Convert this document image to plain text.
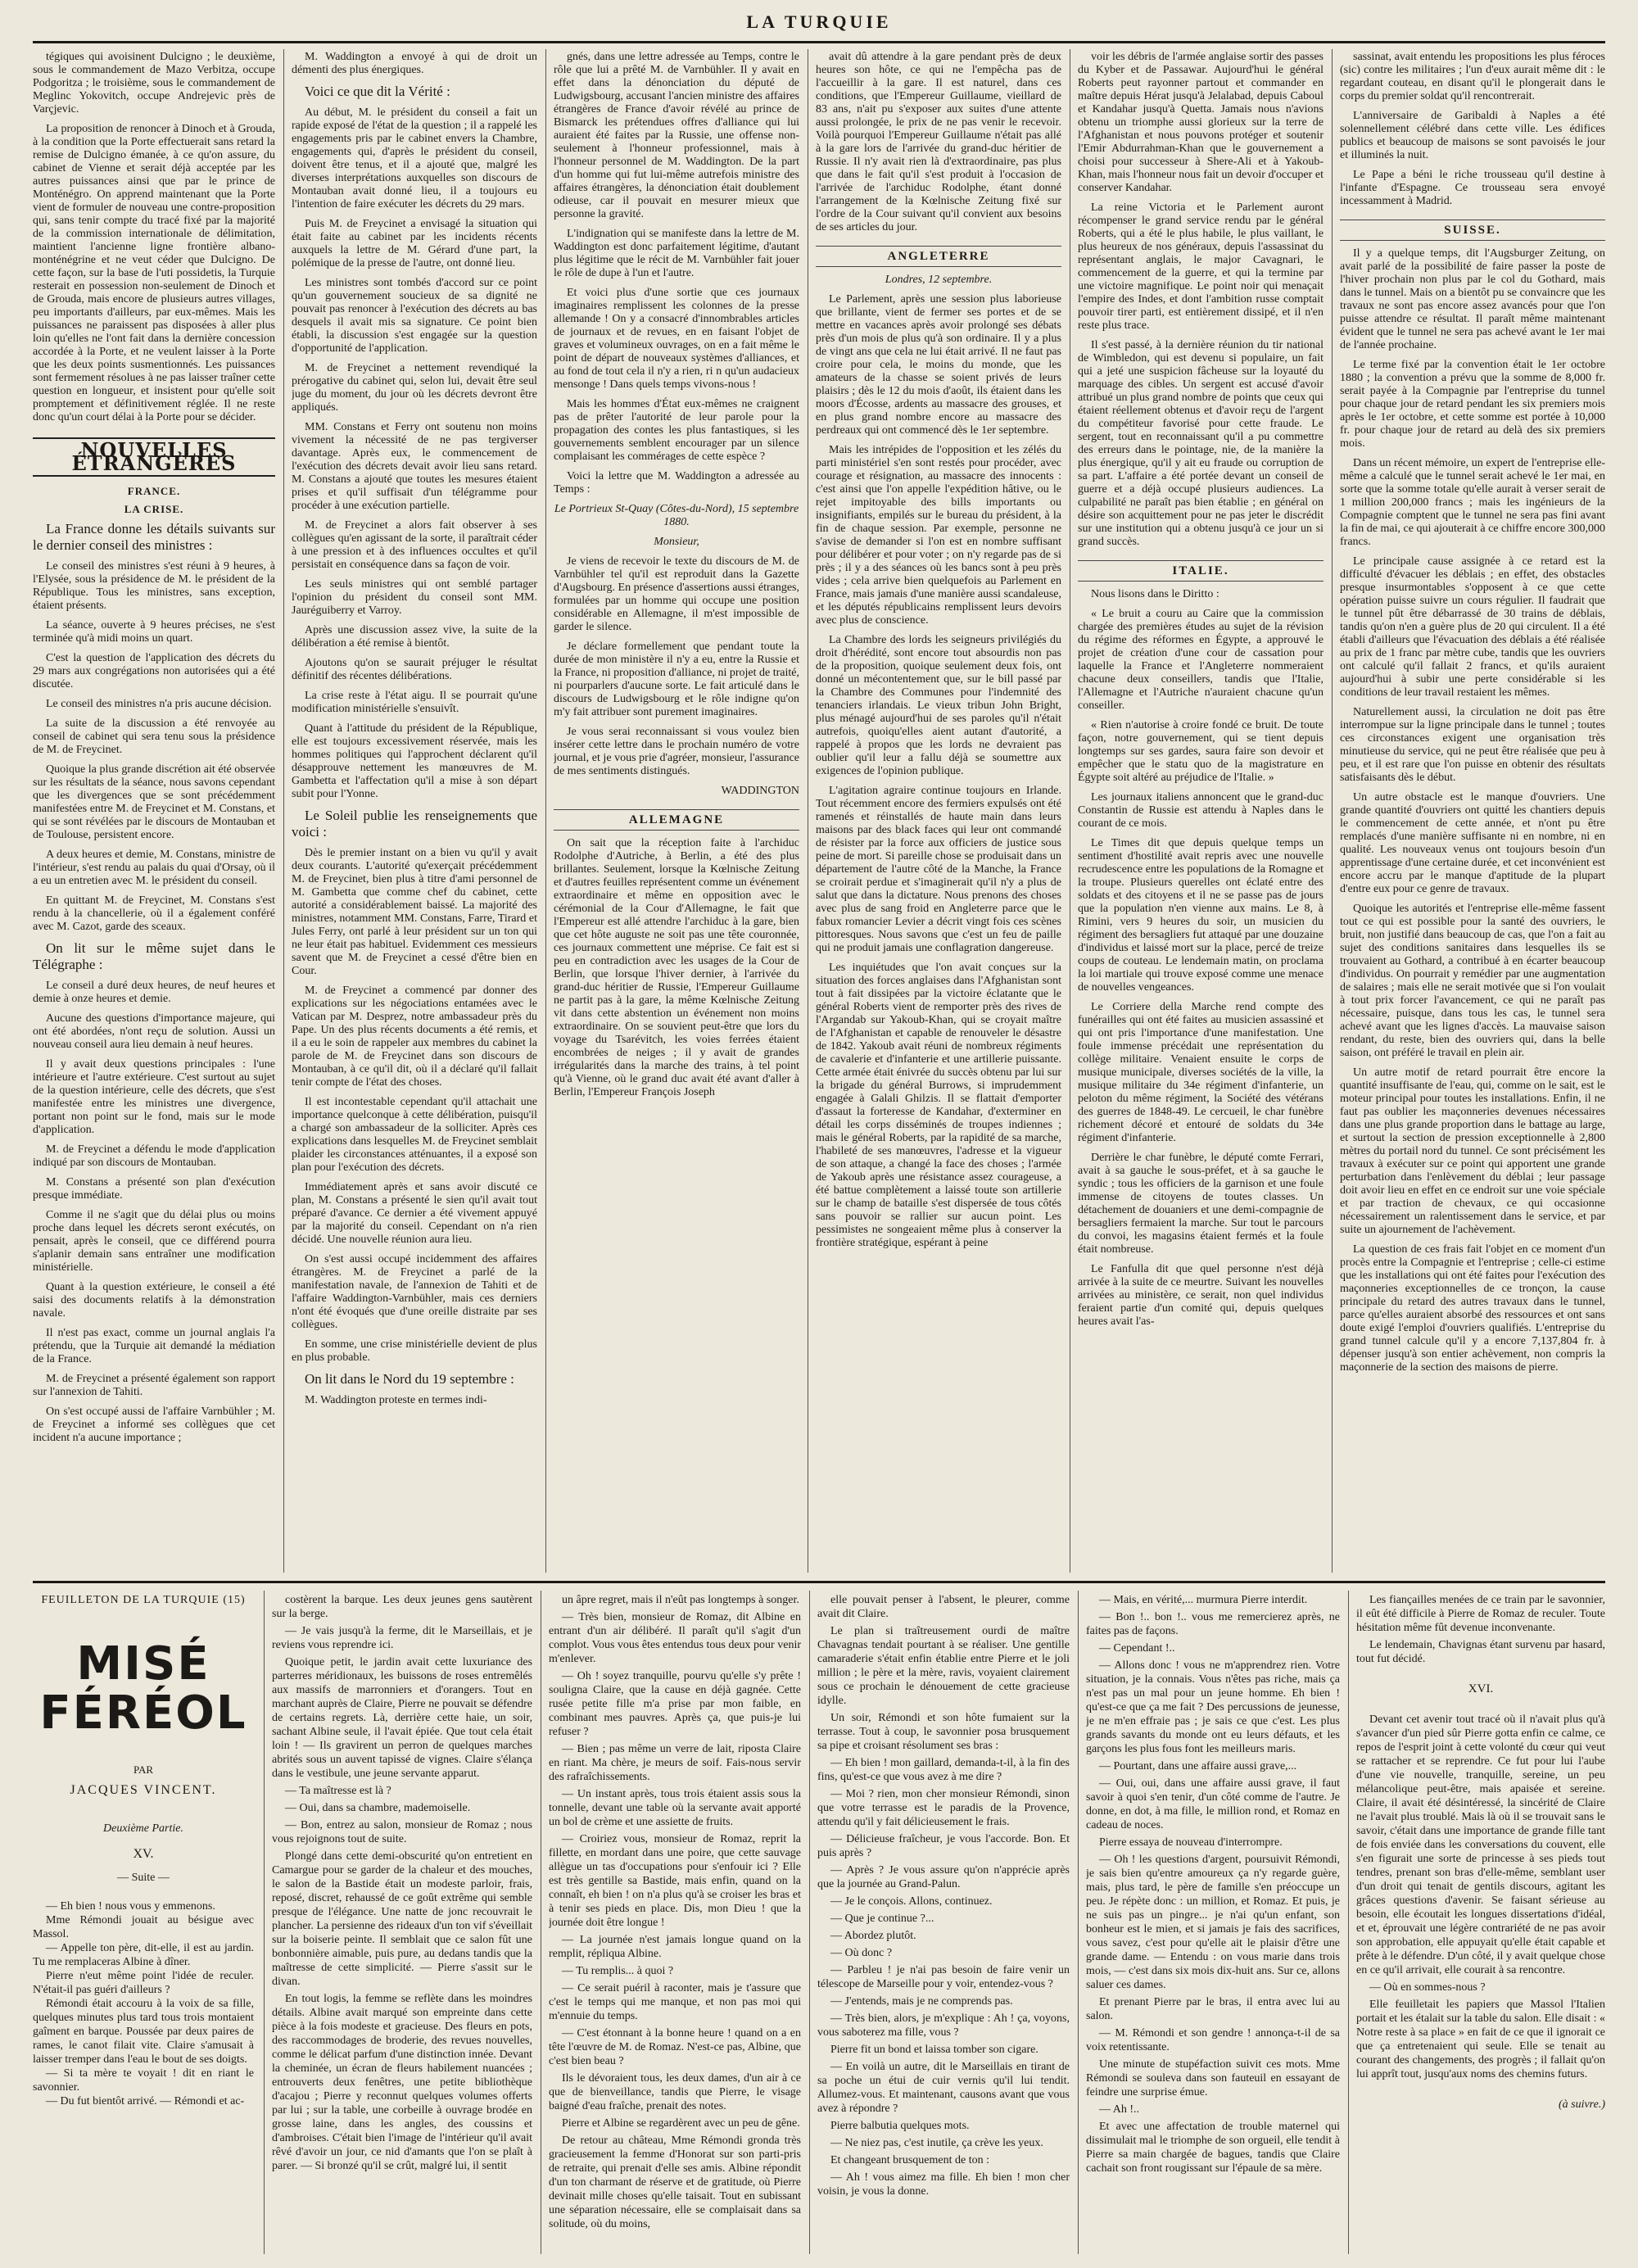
LA TURQUIE

tégiques qui avoisinent Dulcigno ; le deuxième, sous le commandement de Mazo Verbitza, occupe Podgoritza ; le troisième, sous le commandement de Meglinc Yokovitch, occupe Andrejevic près de Varçjevic.

La proposition de renoncer à Dinoch et à Grouda, à la condition que la Porte effectuerait sans retard la remise de Dulcigno émanée, à ce qu'on assure, du cabinet de Vienne et serait déjà acceptée par les autres puissances ainsi que par le prince de Monténégro. On apprend maintenant que la Porte vient de formuler de nouveau une contre-proposition qui, sans tenir compte du tracé fixé par la majorité de la commission internationale de délimitation, maintient l'ancienne ligne frontière albano-monténégrine et ne veut céder que Dulcigno. De cette façon, sur la base de l'uti possidetis, la Turquie resterait en possession non-seulement de Dinoch et de Grouda, mais encore de plusieurs autres villages, peu importants d'ailleurs, par eux-mêmes. Mais les puissances ne paraissent pas disposées à aller plus loin qu'elles ne l'ont fait dans la dernière concession accordée à la Porte, et ne veulent laisser à la Porte que les deux points susmentionnés. Les puissances sont fermement résolues à ne pas laisser traîner cette question en longueur, et insistent pour qu'elle soit promptement et définitivement réglée. Il ne reste donc qu'un court délai à la Porte pour se décider.

NOUVELLES ÉTRANGÈRES
FRANCE.
LA CRISE.

La France donne les détails suivants sur le dernier conseil des ministres :

Le conseil des ministres s'est réuni à 9 heures, à l'Elysée, sous la présidence de M. le président de la République. Tous les ministres, sans exception, étaient présents.

La séance, ouverte à 9 heures précises, ne s'est terminée qu'à midi moins un quart.

C'est la question de l'application des décrets du 29 mars aux congrégations non autorisées qui a été discutée.

Le conseil des ministres n'a pris aucune décision.

La suite de la discussion a été renvoyée au conseil de cabinet qui sera tenu sous la présidence de M. de Freycinet.

Quoique la plus grande discrétion ait été observée sur les résultats de la séance, nous savons cependant que les divergences que se sont précédemment manifestées entre M. de Freycinet et M. Constans, et qui se sont révélées par le discours de Montauban et de Toulouse, persistent encore.

A deux heures et demie, M. Constans, ministre de l'intérieur, s'est rendu au palais du quai d'Orsay, où il a eu un entretien avec M. le président du conseil.

En quittant M. de Freycinet, M. Constans s'est rendu à la chancellerie, où il a également conféré avec M. Cazot, garde des sceaux.

On lit sur le même sujet dans le Télégraphe :

Le conseil a duré deux heures, de neuf heures et demie à onze heures et demie.

Aucune des questions d'importance majeure, qui ont été abordées, n'ont reçu de solution. Aussi un nouveau conseil aura lieu demain à neuf heures.

Il y avait deux questions principales : l'une intérieure et l'autre extérieure. C'est surtout au sujet de la question intérieure, celle des décrets, que s'est manifestée entre les ministres une divergence, portant non point sur le fond, mais sur le mode d'application.

M. de Freycinet a défendu le mode d'application indiqué par son discours de Montauban.

M. Constans a présenté son plan d'exécution presque immédiate.

Comme il ne s'agit que du délai plus ou moins proche dans lequel les décrets seront exécutés, on pensait, après le conseil, que ce différend pourra s'aplanir demain sans entraîner une modification ministérielle.

Quant à la question extérieure, le conseil a été saisi des documents relatifs à la démonstration navale.

Il n'est pas exact, comme un journal anglais l'a prétendu, que la Turquie ait demandé la médiation de la France.

M. de Freycinet a présenté également son rapport sur l'annexion de Tahiti.

On s'est occupé aussi de l'affaire Varnbühler ; M. de Freycinet a informé ses collègues que cet incident n'a aucune importance ;

M. Waddington a envoyé à qui de droit un démenti des plus énergiques.

Voici ce que dit la Vérité :

Au début, M. le président du conseil a fait un rapide exposé de l'état de la question ; il a rappelé les engagements pris par le cabinet envers la Chambre, engagements qui, d'après le président du conseil, doivent être tenus, et il a ajouté que, malgré les diverses interprétations auxquelles son discours de Montauban avait donné lieu, il a toujours eu l'intention de faire exécuter les décrets du 29 mars.

Puis M. de Freycinet a envisagé la situation qui était faite au cabinet par les incidents récents auxquels la lettre de M. Gérard d'une part, la polémique de la presse de l'autre, ont donné lieu.

Les ministres sont tombés d'accord sur ce point qu'un gouvernement soucieux de sa dignité ne pouvait pas renoncer à l'exécution des décrets au bas desquels il avait mis sa signature. Ce point bien établi, la discussion s'est engagée sur la question d'opportunité de l'application.

M. de Freycinet a nettement revendiqué la prérogative du cabinet qui, selon lui, devait être seul juge du moment, du jour où les décrets devront être appliqués.

MM. Constans et Ferry ont soutenu non moins vivement la nécessité de ne pas tergiverser davantage. Après eux, le commencement de l'exécution des décrets devait avoir lieu sans retard. M. Constans a ajouté que toutes les mesures étaient prises et qu'il suffisait d'un télégramme pour procéder à une exécution partielle.

M. de Freycinet a alors fait observer à ses collègues qu'en agissant de la sorte, il paraîtrait céder à une pression et à des influences occultes et qu'il persistait en conséquence dans sa façon de voir.

Les seuls ministres qui ont semblé partager l'opinion du président du conseil sont MM. Jauréguiberry et Varroy.

Après une discussion assez vive, la suite de la délibération a été remise à bientôt.

Ajoutons qu'on se saurait préjuger le résultat définitif des récentes délibérations.

La crise reste à l'état aigu. Il se pourrait qu'une modification ministérielle s'ensuivît.

Quant à l'attitude du président de la République, elle est toujours excessivement réservée, mais les hommes politiques qui l'approchent déclarent qu'il désapprouve nettement les manœuvres de M. Gambetta et l'affectation qu'il a mise à son départ subit pour l'Yonne.

Le Soleil publie les renseignements que voici :

Dès le premier instant on a bien vu qu'il y avait deux courants. L'autorité qu'exerçait précédemment M. de Freycinet, bien plus à titre d'ami personnel de M. Gambetta que comme chef du cabinet, cette autorité a considérablement baissé. La majorité des ministres, notamment MM. Constans, Farre, Tirard et Jules Ferry, ont parlé à leur président sur un ton qui ne leur était pas habituel. Evidemment ces messieurs savent que M. de Freycinet a cessé d'être bien en Cour.

M. de Freycinet a commencé par donner des explications sur les négociations entamées avec le Vatican par M. Desprez, notre ambassadeur près du Pape. Un des plus récents documents a été remis, et il a eu le soin de rappeler aux membres du cabinet la parole de M. de Freycinet dans son discours de Montauban, à ce qu'il dit, où il a déclaré qu'il fallait tenir compte de l'état des choses.

Il est incontestable cependant qu'il attachait une importance quelconque à cette délibération, puisqu'il a chargé son ambassadeur de la solliciter. Après ces explications dans lesquelles M. de Freycinet semblait plaider les circonstances atténuantes, il a exposé son plan pour l'exécution des décrets.

Immédiatement après et sans avoir discuté ce plan, M. Constans a présenté le sien qu'il avait tout préparé d'avance. Ce dernier a été vivement appuyé par la majorité du conseil. Cependant on n'a rien décidé. Une nouvelle réunion aura lieu.

On s'est aussi occupé incidemment des affaires étrangères. M. de Freycinet a parlé de la manifestation navale, de l'annexion de Tahiti et de l'affaire Waddington-Varnbühler, mais ces derniers n'ont été évoqués que d'une oreille distraite par ses collègues.

En somme, une crise ministérielle devient de plus en plus probable.

On lit dans le Nord du 19 septembre :

M. Waddington proteste en termes indi-

gnés, dans une lettre adressée au Temps, contre le rôle que lui a prêté M. de Varnbühler. Il y avait en effet dans la dénonciation du député de Ludwigsbourg, accusant l'ancien ministre des affaires étrangères de France d'avoir révélé au prince de Bismarck les prétendues offres d'alliance qui lui auraient été faites par la Russie, une offense non-seulement à l'honneur professionnel, mais à l'honneur personnel de M. Waddington. De la part d'un homme qui fut lui-même autrefois ministre des affaires étrangères, la dénonciation était doublement odieuse, car il pouvait en mesurer mieux que personne la gravité.

L'indignation qui se manifeste dans la lettre de M. Waddington est donc parfaitement légitime, d'autant plus légitime que le récit de M. Varnbühler fait jouer le rôle de dupe à l'un et l'autre.

Et voici plus d'une sortie que ces journaux imaginaires remplissent les colonnes de la presse allemande ! On y a consacré d'innombrables articles de journaux et de revues, en en faisant l'objet de graves et volumineux ouvrages, on en a fait même le point de départ de nouveaux systèmes d'alliances, et au fond de tout cela il n'y a rien, ri n qu'un audacieux mensonge ! Dans quels temps vivons-nous !

Mais les hommes d'État eux-mêmes ne craignent pas de prêter l'autorité de leur parole pour la propagation des contes les plus fantastiques, si les gouvernements semblent encourager par un silence complaisant les commérages de cette espèce ?

Voici la lettre que M. Waddington a adressée au Temps :

Le Portrieux St-Quay (Côtes-du-Nord), 15 septembre 1880.

Monsieur,

Je viens de recevoir le texte du discours de M. de Varnbühler tel qu'il est reproduit dans la Gazette d'Augsbourg. En présence d'assertions aussi étranges, formulées par un homme qui occupe une position considérable en Allemagne, il m'est impossible de garder le silence.

Je déclare formellement que pendant toute la durée de mon ministère il n'y a eu, entre la Russie et la France, ni proposition d'alliance, ni projet de traité, ni pourparlers d'aucune sorte. Le fait articulé dans le discours de Ludwigsbourg et le rôle indigne qu'on m'y fait attribuer sont purement imaginaires.

Je vous serai reconnaissant si vous voulez bien insérer cette lettre dans le prochain numéro de votre journal, et je vous prie d'agréer, monsieur, l'assurance de mes sentiments distingués.

WADDINGTON

ALLEMAGNE

On sait que la réception faite à l'archiduc Rodolphe d'Autriche, à Berlin, a été des plus brillantes. Seulement, lorsque la Kœlnische Zeitung et d'autres feuilles représentent comme un événement extraordinaire et même en opposition avec le cérémonial de la Cour d'Allemagne, le fait que l'Empereur est allé attendre l'archiduc à la gare, bien que cet hôte auguste ne soit pas une tête couronnée, ces journaux commettent une méprise. Ce fait est si peu en contradiction avec les usages de la Cour de Berlin, que lorsque l'hiver dernier, à l'arrivée du grand-duc héritier de Russie, l'Empereur Guillaume ne partit pas à la gare, la même Kœlnische Zeitung vit dans cette abstention un événement non moins extraordinaire. On se souvient peut-être que lors du voyage du Tsarévitch, les voies ferrées étaient encombrées de neiges ; il y avait de grandes irrégularités dans la marche des trains, à tel point qu'à Vienne, où le grand duc avait été avant d'aller à Berlin, l'Empereur François Joseph

avait dû attendre à la gare pendant près de deux heures son hôte, ce qui ne l'empêcha pas de l'accueillir à la gare. Il est naturel, dans ces conditions, que l'Empereur Guillaume, vieillard de 83 ans, n'ait pu s'exposer aux suites d'une attente aussi prolongée, le prix de ne pas venir le recevoir. Voilà pourquoi l'Empereur Guillaume n'était pas allé à la gare lors de l'arrivée du grand-duc héritier de Russie. Il n'y avait rien là d'extraordinaire, pas plus que dans le fait qu'il s'est produit à l'occasion de l'arrivée de l'archiduc Rodolphe, étant donné l'arrangement de la Kœlnische Zeitung fixé sur l'ordre de la Cour suivant qu'il convient aux besoins de ses articles du jour.

ANGLETERRE

Londres, 12 septembre.

Le Parlement, après une session plus laborieuse que brillante, vient de fermer ses portes et de se mettre en vacances après avoir prolongé ses débats près d'un mois de plus qu'à son ordinaire. Il y a plus de vingt ans que cela ne lui était arrivé. Il ne faut pas croire pour cela, le moins du monde, que les amateurs de la chasse se soient privés de leurs plaisirs ; dès le 12 du mois d'août, ils étaient dans les moors d'Écosse, ardents au massacre des grouses, et en plus grand nombre encore au massacre des perdreaux qui ont commencé dès le 1er septembre.

Mais les intrépides de l'opposition et les zélés du parti ministériel s'en sont restés pour procéder, avec courage et résignation, au massacre des innocents : c'est ainsi que l'on appelle l'expédition hâtive, ou le rejet impitoyable des bills importants ou insignifiants, empilés sur le bureau du président, à la fin de chaque session. Par exemple, personne ne s'avise de demander si l'on est en nombre suffisant pour délibérer et pour voter ; on n'y regarde pas de si près ; il y a des séances où les bancs sont à peu près vides ; cela arrive bien quelquefois au Parlement en France, mais jamais d'une manière aussi scandaleuse, et les députés républicains remplissent leurs devoirs avec plus de conscience.

La Chambre des lords les seigneurs privilégiés du droit d'hérédité, sont encore tout absourdis non pas de la proposition, quoique seulement deux fois, ont donné un mécontentement que, sur le bill passé par la Chambre des Communes pour l'indemnité des tenanciers irlandais. Le vieux tribun John Bright, plus ménagé aujourd'hui de ses paroles qu'il n'était autrefois, quoiqu'elles aient autant d'autorité, a rappelé à propos que les lords ne devraient pas oublier qu'il leur a fallu déjà se soumettre aux exigences de l'opinion publique.

L'agitation agraire continue toujours en Irlande. Tout récemment encore des fermiers expulsés ont été ramenés et réinstallés de haute main dans leurs maisons par des black faces qui leur ont commandé de résister par la force aux officiers de justice sous peine de mort. Si pareille chose se produisait dans un département de l'autre côté de la Manche, la France se croirait perdue et s'imaginerait qu'il n'y a plus de salut que dans la dictature. Nous prenons des choses avec plus de sang froid en Angleterre parce que le fabux romancier Levier a décrit vingt fois ces scènes pittoresques. Nous savons que c'est un feu de paille qui ne produit jamais une conflagration dangereuse.

Les inquiétudes que l'on avait conçues sur la situation des forces anglaises dans l'Afghanistan sont tout à fait dissipées par la victoire éclatante que le général Roberts vient de remporter près des rives de l'Argandab sur Yakoub-Khan, qui se croyait maître de l'Afghanistan et capable de renouveler le désastre de 1842. Yakoub avait réuni de nombreux régiments de cavalerie et d'infanterie et une artillerie puissante. Cette armée était énivrée du succès obtenu par lui sur la brigade du général Burrows, si imprudemment engagée à Galali Ghilzis. Il se flattait d'emporter d'assaut la forteresse de Kandahar, d'exterminer en détail les corps disséminés de troupes indiennes ; mais le général Roberts, par la rapidité de sa marche, l'habileté de ses manœuvres, l'adresse et la vigueur de son attaque, a changé la face des choses ; l'armée de Yakoub après une résistance assez courageuse, a été battue complètement a laissé toute son artillerie sur le champ de bataille s'est dispersée de tous côtés sans pouvoir se rallier sur aucun point. Les pessimistes ne songeaient même plus à conserver la frontière stratégique, espérant à peine

voir les débris de l'armée anglaise sortir des passes du Kyber et de Passawar. Aujourd'hui le général Roberts peut rayonner partout et commander en maître depuis Hérat jusqu'à Jelalabad, depuis Caboul et Kandahar jusqu'à Quetta. Jamais nous n'avions obtenu un triomphe aussi glorieux sur la terre de l'Afghanistan et nous pouvons protéger et soutenir l'Emir Abdurrahman-Khan que le gouvernement a choisi pour successeur à Shere-Ali et à Yakoub-Khan, mais l'honneur nous fait un devoir d'occuper et conserver Kandahar.

La reine Victoria et le Parlement auront récompenser le grand service rendu par le général Roberts, qui a été le plus habile, le plus vaillant, le plus heureux de nos généraux, depuis l'assassinat du représentant anglais, le major Cavagnari, le commencement de la guerre, et qui la termine par une victoire magnifique. Le point noir qui menaçait l'empire des Indes, et dont l'ambition russe comptait pouvoir tirer parti, est entièrement dissipé, et il n'en reste plus trace.

Il s'est passé, à la dernière réunion du tir national de Wimbledon, qui est devenu si populaire, un fait qui a jeté une suspicion fâcheuse sur la loyauté du marquage des cibles. Un sergent est accusé d'avoir attribué un plus grand nombre de points que ceux qui étaient réellement obtenus et d'avoir reçu de l'argent du compétiteur favorisé pour cette fraude. Le sergent, tout en reconnaissant qu'il a pu commettre des erreurs dans le pointage, nie, de la manière la plus énergique, qu'il y ait eu fraude ou corruption de sa part. L'affaire a été portée devant un conseil de guerre et a déjà occupé plusieurs audiences. La culpabilité ne paraît pas bien établie ; en général on désire son acquittement pour ne pas jeter le discrédit sur une institution qui a obtenu jusqu'à ce jour un si grand succès.

ITALIE.

Nous lisons dans le Diritto :

« Le bruit a couru au Caire que la commission chargée des premières études au sujet de la révision du régime des réformes en Égypte, a approuvé le projet de création d'une cour de cassation pour laquelle la France et l'Angleterre nommeraient chacune deux conseillers, tandis que l'Italie, l'Allemagne et l'Autriche n'auraient chacune qu'un conseiller.

« Rien n'autorise à croire fondé ce bruit. De toute façon, notre gouvernement, qui se tient depuis longtemps sur ses gardes, saura faire son devoir et empêcher que le statu quo de la magistrature en Égypte soit altéré au préjudice de l'Italie. »

Les journaux italiens annoncent que le grand-duc Constantin de Russie est attendu à Naples dans le courant de ce mois.

Le Times dit que depuis quelque temps un sentiment d'hostilité avait repris avec une nouvelle recrudescence entre les populations de la Romagne et la troupe. Plusieurs querelles ont éclaté entre des soldats et des citoyens et il ne se passe pas de jours que la population n'en vienne aux mains. Le 8, à Rimini, vers 9 heures du soir, un musicien du régiment des bersagliers fut attaqué par une douzaine d'individus et laissé mort sur la place, percé de treize coups de couteau. Le lendemain matin, on proclama la loi martiale qui trouve exposé comme une menace de nouvelles vengeances.

Le Corriere della Marche rend compte des funérailles qui ont été faites au musicien assassiné et qui ont pris l'importance d'une manifestation. Une foule immense précédait une représentation du collège militaire. Venaient ensuite le corps de musique municipale, diverses sociétés de la ville, la musique militaire du 34e régiment d'infanterie, un peloton du même régiment, la Société des vétérans des guerres de 1848-49. Le cercueil, le char funèbre richement décoré et entouré de soldats du 34e régiment d'infanterie.

Derrière le char funèbre, le député comte Ferrari, avait à sa gauche le sous-préfet, et à sa gauche le syndic ; tous les officiers de la garnison et une foule immense de citoyens de toutes classes. Un détachement de douaniers et une demi-compagnie de bersagliers fermaient la marche. Sur tout le parcours du convoi, les magasins étaient fermés et la foule était nombreuse.

Le Fanfulla dit que quel personne n'est déjà arrivée à la suite de ce meurtre. Suivant les nouvelles arrivées au ministère, ce serait, non quel individus feraient partie d'un comité qui, depuis quelques heures avait l'as-

sassinat, avait entendu les propositions les plus féroces (sic) contre les militaires ; l'un d'eux aurait même dit : le regardant couteau, en disant qu'il le plongerait dans le corps du premier soldat qu'il rencontrerait.

L'anniversaire de Garibaldi à Naples a été solennellement célébré dans cette ville. Les édifices publics et beaucoup de maisons se sont pavoisés le jour et illuminés la nuit.

Le Pape a béni le riche trousseau qu'il destine à l'infante d'Espagne. Ce trousseau sera envoyé incessamment à Madrid.

SUISSE.

Il y a quelque temps, dit l'Augsburger Zeitung, on avait parlé de la possibilité de faire passer la poste de l'hiver prochain non plus par le col du Gothard, mais dans le tunnel. Mais on a bientôt pu se convaincre que les travaux ne sont pas encore assez avancés pour que l'on puisse attendre ce résultat. Il paraît même maintenant évident que le tunnel ne sera pas achevé avant le 1er mai de l'année prochaine.

Le terme fixé par la convention était le 1er octobre 1880 ; la convention a prévu que la somme de 8,000 fr. serait payée à la Compagnie par l'entreprise du tunnel pour chaque jour de retard pendant les six premiers mois après le 1er octobre, et cette somme est portée à 10,000 fr. pour chaque jour de retard au delà des six premiers mois.

Dans un récent mémoire, un expert de l'entreprise elle-même a calculé que le tunnel serait achevé le 1er mai, en sorte que la somme totale qu'elle aurait à verser serait de 1 million 200,000 francs ; mais les ingénieurs de la Compagnie comptent que le tunnel ne sera pas fini avant la fin de mai, ce qui ajouterait à ce chiffre encore 300,000 francs.

Le principale cause assignée à ce retard est la difficulté d'évacuer les déblais ; en effet, des obstacles presque insurmontables s'opposent à ce que cette opération puisse suivre un cours régulier. Il faudrait que le tunnel pût être débarrassé de 30 trains de déblais, tandis qu'on n'en a guère plus de 20 qui circulent. Il a été établi d'ailleurs que l'évacuation des déblais a été réalisée au prix de 1 franc par mètre cube, tandis que les ouvriers ont calculé qu'il fallait 2 francs, et qu'ils auraient aujourd'hui à subir une perte considérable si les conditions de leur travail restaient les mêmes.

Naturellement aussi, la circulation ne doit pas être interrompue sur la ligne principale dans le tunnel ; toutes ces circonstances exigent une organisation très minutieuse du service, qui ne peut être réalisée que peu à peu, et il est rare que l'on puisse en obtenir des résultats satisfaisants dès le début.

Un autre obstacle est le manque d'ouvriers. Une grande quantité d'ouvriers ont quitté les chantiers depuis le commencement de cette année, et n'ont pu être remplacés d'une manière suffisante ni en nombre, ni en qualité. Les nouveaux venus ont toujours besoin d'un apprentissage d'une certaine durée, et cet inconvénient est encore accru par le manque d'aptitude de la plupart d'entre eux pour ce genre de travaux.

Quoique les autorités et l'entreprise elle-même fassent tout ce qui est possible pour la santé des ouvriers, le bruit, non justifié dans beaucoup de cas, que l'on a fait au sujet des conditions sanitaires dans lesquelles ils se trouvaient au Gothard, a contribué à en écarter beaucoup d'individus. On pourrait y remédier par une augmentation de salaires ; mais elle ne serait motivée que si l'on voulait à tout prix forcer l'avancement, ce qui ne paraît pas nécessaire, puisque, dans tous les cas, le tunnel sera achevé avant que les lignes d'accès. La mauvaise saison rendant, du reste, bien des ouvriers qui, dans la belle saison, ont préféré le travail en plein air.

Un autre motif de retard pourrait être encore la quantité insuffisante de l'eau, qui, comme on le sait, est le moteur principal pour toutes les installations. Enfin, il ne faut pas oublier les maçonneries devenues nécessaires dans une plus grande proportion dans le battage au large, et surtout la section de pression exceptionnelle à 2,800 mètres du portail nord du tunnel. Ce sont précisément les travaux à exécuter sur ce point qui apportent une grande perturbation dans l'enlèvement du déblai ; leur passage doit avoir lieu en effet en ce endroit sur une voie spéciale et par traction de chevaux, ce qui occasionne nécessairement un ralentissement dans le service, et par suite un ajournement de l'achèvement.

La question de ces frais fait l'objet en ce moment d'un procès entre la Compagnie et l'entreprise ; celle-ci estime que les installations qui ont été faites pour l'exécution des maçonneries exceptionnelles de ce tronçon, la cause principale du retard des autres travaux dans le tunnel, parce qu'elles auraient absorbé des ressources et ont sans doute exigé l'emploi d'ouvriers qualifiés. L'entreprise du grand tunnel calcule qu'il y a encore 7,137,804 fr. à dépenser jusqu'à son entier achèvement, non compris la maçonnerie de la section des maisons de pierre.

FEUILLETON DE LA TURQUIE (15)
MISÉ FÉRÉOL
PAR
JACQUES VINCENT.
Deuxième Partie.
XV.
— Suite —
— Eh bien ! nous vous y emmenons.
Mme Rémondi jouait au bésigue avec Massol.
— Appelle ton père, dit-elle, il est au jardin. Tu me remplaceras Albine à dîner.
Pierre n'eut même point l'idée de reculer. N'était-il pas guéri d'ailleurs ?
Rémondi était accouru à la voix de sa fille, quelques minutes plus tard tous trois montaient gaîment en barque. Poussée par deux paires de rames, le canot filait vite. Claire s'amusait à laisser tremper dans l'eau le bout de ses doigts.
— Si ta mère te voyait ! dit en riant le savonnier.
— Du fut bientôt arrivé. — Rémondi et ac-

costèrent la barque. Les deux jeunes gens sautèrent sur la berge.

— Je vais jusqu'à la ferme, dit le Marseillais, et je reviens vous reprendre ici.

Quoique petit, le jardin avait cette luxuriance des parterres méridionaux, les buissons de roses entremêlés aux massifs de marronniers et d'orangers. Tout en marchant auprès de Claire, Pierre ne pouvait se défendre de certains regrets. Là, derrière cette haie, un soir, sachant Albine seule, il l'avait épiée. Que tout cela était loin ! — Ils gravirent un perron de quelques marches abrités sous un auvent tapissé de vignes. Claire s'élança dans le vestibule, une jeune servante apparut.

— Ta maîtresse est là ?

— Oui, dans sa chambre, mademoiselle.

— Bon, entrez au salon, monsieur de Romaz ; nous vous rejoignons tout de suite.

Plongé dans cette demi-obscurité qu'on entretient en Camargue pour se garder de la chaleur et des mouches, le salon de la Bastide était un modeste parloir, frais, reposé, discret, rehaussé de ce goût extrême qui semble presque de l'élégance. Une natte de jonc recouvrait le plancher. La persienne des rideaux d'un ton vif s'éveillait sur la boiserie peinte. Il semblait que ce salon fût une bonbonnière aimable, puis pure, au dedans tandis que la maîtresse de cette simplicité. — Pierre s'assit sur le divan.

En tout logis, la femme se reflète dans les moindres détails. Albine avait marqué son empreinte dans cette pièce à la fois modeste et gracieuse. Des fleurs en pots, des raccommodages de broderie, des revues nouvelles, comme le délicat parfum d'une distinction innée. Devant la cheminée, un écran de fleurs habilement nuancées ; entrouverts deux fenêtres, une petite bibliothèque d'acajou ; Pierre y reconnut quelques volumes offerts par lui ; sur la table, une corbeille à ouvrage brodée en grosse laine, dans les angles, des coussins et d'ambroises. C'était bien l'image de l'intérieur qu'il avait rêvé d'avoir un jour, ce nid d'amants que l'on se plaît à parer. — Si bronzé qu'il se crût, malgré lui, il sentit

un âpre regret, mais il n'eût pas longtemps à songer.

— Très bien, monsieur de Romaz, dit Albine en entrant d'un air délibéré. Il paraît qu'il s'agit d'un complot. Vous vous êtes entendus tous deux pour venir m'enlever.

— Oh ! soyez tranquille, pourvu qu'elle s'y prête ! souligna Claire, que la cause en déjà gagnée. Cette rusée petite fille m'a prise par mon faible, en combinant mes pauvres. Après ça, que puis-je lui refuser ?

— Bien ; pas même un verre de lait, riposta Claire en riant. Ma chère, je meurs de soif. Fais-nous servir des rafraîchissements.

— Un instant après, tous trois étaient assis sous la tonnelle, devant une table où la servante avait apporté un bol de crème et une assiette de fruits.

— Croiriez vous, monsieur de Romaz, reprit la fillette, en mordant dans une poire, que cette sauvage allègue un tas d'occupations pour s'enfouir ici ? Elle est très gentille sa Bastide, mais enfin, quand on la connaît, eh bien ! on n'a plus qu'à se croiser les bras et à tenir ses pieds en place. Dis, mon Dieu ! que la journée doit être longue !

— La journée n'est jamais longue quand on la remplit, répliqua Albine.

— Tu remplis... à quoi ?

— Ce serait puéril à raconter, mais je t'assure que c'est le temps qui me manque, et non pas moi qui m'ennuie du temps.

— C'est étonnant à la bonne heure ! quand on a en tête l'œuvre de M. de Romaz. N'est-ce pas, Albine, que c'est bien beau ?

Ils le dévoraient tous, les deux dames, d'un air à ce que de bienveillance, tandis que Pierre, le visage baigné d'eau fraîche, prenait des notes.

Pierre et Albine se regardèrent avec un peu de gêne.

De retour au château, Mme Rémondi gronda très gracieusement la femme d'Honorat sur son parti-pris de retraite, qui prenait d'elle ses amis. Albine répondit d'un ton charmant de réserve et de gratitude, où Pierre devinait mille choses qu'elle taisait. Tout en subissant une séparation nécessaire, elle se complaisait dans sa solitude, où du moins,

elle pouvait penser à l'absent, le pleurer, comme avait dit Claire.

Le plan si traîtreusement ourdi de maître Chavagnas tendait pourtant à se réaliser. Une gentille camaraderie s'était enfin établie entre Pierre et le joli million ; le père et la mère, ravis, voyaient clairement sous ce prochain le dénouement de cette gracieuse idylle.

Un soir, Rémondi et son hôte fumaient sur la terrasse. Tout à coup, le savonnier posa brusquement sa pipe et croisant résolument ses bras :

— Eh bien ! mon gaillard, demanda-t-il, à la fin des fins, qu'est-ce que vous avez à me dire ?

— Moi ? rien, mon cher monsieur Rémondi, sinon que votre terrasse est le paradis de la Provence, attendu qu'il y fait délicieusement le frais.

— Délicieuse fraîcheur, je vous l'accorde. Bon. Et puis après ?

— Après ? Je vous assure qu'on n'apprécie après que la journée au Grand-Palun.

— Je le conçois. Allons, continuez.

— Que je continue ?...

— Abordez plutôt.

— Où donc ?

— Parbleu ! je n'ai pas besoin de faire venir un télescope de Marseille pour y voir, entendez-vous ?

— J'entends, mais je ne comprends pas.

— Très bien, alors, je m'explique : Ah ! ça, voyons, vous saboterez ma fille, vous ?

Pierre fit un bond et laissa tomber son cigare.

— En voilà un autre, dit le Marseillais en tirant de sa poche un étui de cuir vernis qu'il lui tendit. Allumez-vous. Et maintenant, causons avant que vous avez à répondre ?

Pierre balbutia quelques mots.

— Ne niez pas, c'est inutile, ça crève les yeux.

Et changeant brusquement de ton :

— Ah ! vous aimez ma fille. Eh bien ! mon cher voisin, je vous la donne.

— Mais, en vérité,... murmura Pierre interdit.

— Bon !.. bon !.. vous me remercierez après, ne faites pas de façons.

— Cependant !..

— Allons donc ! vous ne m'apprendrez rien. Votre situation, je la connais. Vous n'êtes pas riche, mais ça n'est pas un mal pour un jeune homme. Eh bien ! qu'est-ce que ça me fait ? Des percussions de jeunesse, je ne m'en effraie pas ; je sais ce que c'est. Les plus grands savants du monde ont eu leurs défauts, et les garçons les plus fous font les meilleurs maris.

— Pourtant, dans une affaire aussi grave,...

— Oui, oui, dans une affaire aussi grave, il faut savoir à quoi s'en tenir, d'un côté comme de l'autre. Je donne, en dot, à ma fille, le million rond, et Romaz en cadeau de noces.

Pierre essaya de nouveau d'interrompre.

— Oh ! les questions d'argent, poursuivit Rémondi, je sais bien qu'entre amoureux ça n'y regarde guère, mais, plus tard, le père de famille s'en préoccupe un peu. Je répète donc : un million, et Romaz. Et puis, je ne suis pas un pingre... je n'ai qu'un enfant, son bonheur est le mien, et si jamais je fais des sacrifices, vous savez, c'est pour qu'elle ait le plaisir d'être une grande dame. — Entendu : on vous marie dans trois mois, — c'est dans six mois dix-huit ans. Sur ce, allons saluer ces dames.

Et prenant Pierre par le bras, il entra avec lui au salon.

— M. Rémondi et son gendre ! annonça-t-il de sa voix retentissante.

Une minute de stupéfaction suivit ces mots. Mme Rémondi se souleva dans son fauteuil en essayant de feindre une surprise émue.

— Ah !..

Et avec une affectation de trouble maternel qui dissimulait mal le triomphe de son orgueil, elle tendit à Pierre sa main chargée de bagues, tandis que Claire cachait son front rougissant sur l'épaule de sa mère.

Les fiançailles menées de ce train par le savonnier, il eût été difficile à Pierre de Romaz de reculer. Toute hésitation même fût devenue inconvenante.

Le lendemain, Chavignas étant survenu par hasard, tout fut décidé.

XVI.

Devant cet avenir tout tracé où il n'avait plus qu'à s'avancer d'un pied sûr Pierre gotta enfin ce calme, ce repos de l'esprit joint à cette volonté du cœur qui veut se rattacher et se reprendre. Ce fut pour lui l'aube d'une vie nouvelle, tranquille, sereine, un peu mélancolique peut-être, mais apaisée et sereine. Claire, il avait été désintéressé, la sincérité de Claire ne l'avait plus troublé. Mais là où il se trouvait sans le savoir, c'était dans une importance de grande fille tant de fois enviée dans les conversations du couvent, elle s'en figurait une sorte de princesse à ses pieds tout tendres, prenant son bras d'elle-même, semblant user d'un droit qui tenait de gentils discours, agitant les grâces questions d'avenir. Se faisant sérieuse au besoin, elle écoutait les longues dissertations d'idéal, et et, éprouvait une légère contrariété de ne pas avoir son approbation, elle appuyait qu'elle était capable et prête à le défendre. D'un côté, il y avait quelque chose en ce qu'il arrivait, elle courait à sa rencontre.

— Où en sommes-nous ?

Elle feuilletait les papiers que Massol l'Italien portait et les étalait sur la table du salon. Elle disait : « Notre reste à sa place » en fait de ce que il ignorait ce que ça entretenaient qui seule. Elle se tenait au courant des changements, des progrès ; il fallait qu'on lui apprît tout, jusqu'aux noms des chemins futurs.

(à suivre.)
